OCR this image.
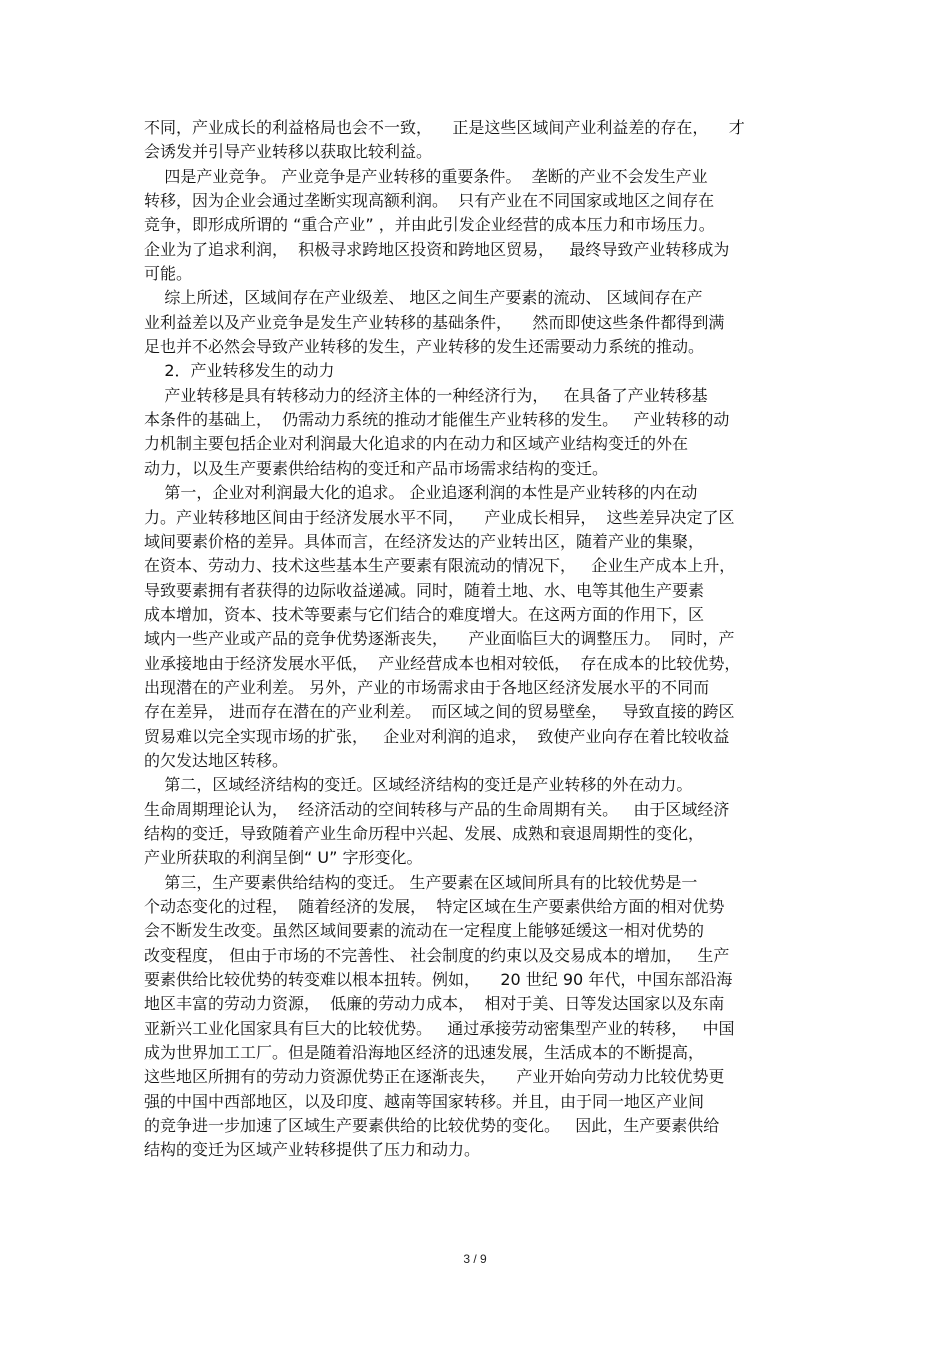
不同，产业成长的利益格局也会不一致，    正是这些区域间产业利益差的存在，    才
会诱发并引导产业转移以获取比较利益。
四是产业竞争。 产业竞争是产业转移的重要条件。  垄断的产业不会发生产业
转移，因为企业会通过垄断实现高额利润。  只有产业在不同国家或地区之间存在
竞争，即形成所谓的 “重合产业” ，并由此引发企业经营的成本压力和市场压力。
企业为了追求利润，  积极寻求跨地区投资和跨地区贸易，   最终导致产业转移成为
可能。
综上所述，区域间存在产业级差、 地区之间生产要素的流动、 区域间存在产
业利益差以及产业竞争是发生产业转移的基础条件，    然而即使这些条件都得到满
足也并不必然会导致产业转移的发生，产业转移的发生还需要动力系统的推动。
2．产业转移发生的动力
产业转移是具有转移动力的经济主体的一种经济行为，   在具备了产业转移基
本条件的基础上，  仍需动力系统的推动才能催生产业转移的发生。   产业转移的动
力机制主要包括企业对利润最大化追求的内在动力和区域产业结构变迁的外在
动力，以及生产要素供给结构的变迁和产品市场需求结构的变迁。
第一，企业对利润最大化的追求。 企业追逐利润的本性是产业转移的内在动
力。产业转移地区间由于经济发展水平不同，    产业成长相异，  这些差异决定了区
域间要素价格的差异。具体而言，在经济发达的产业转出区，随着产业的集聚，
在资本、劳动力、技术这些基本生产要素有限流动的情况下，   企业生产成本上升，
导致要素拥有者获得的边际收益递减。同时，随着土地、水、电等其他生产要素
成本增加，资本、技术等要素与它们结合的难度增大。在这两方面的作用下，区
域内一些产业或产品的竞争优势逐渐丧失，    产业面临巨大的调整压力。  同时，产
业承接地由于经济发展水平低，  产业经营成本也相对较低，  存在成本的比较优势，
出现潜在的产业利差。 另外，产业的市场需求由于各地区经济发展水平的不同而
存在差异， 进而存在潜在的产业利差。  而区域之间的贸易壁垒，   导致直接的跨区
贸易难以完全实现市场的扩张，   企业对利润的追求，  致使产业向存在着比较收益
的欠发达地区转移。
第二，区域经济结构的变迁。区域经济结构的变迁是产业转移的外在动力。
生命周期理论认为，  经济活动的空间转移与产品的生命周期有关。   由于区域经济
结构的变迁，导致随着产业生命历程中兴起、发展、成熟和衰退周期性的变化，
产业所获取的利润呈倒“ U” 字形变化。
第三，生产要素供给结构的变迁。 生产要素在区域间所具有的比较优势是一
个动态变化的过程，  随着经济的发展，  特定区域在生产要素供给方面的相对优势
会不断发生改变。虽然区域间要素的流动在一定程度上能够延缓这一相对优势的
改变程度， 但由于市场的不完善性、 社会制度的约束以及交易成本的增加，   生产
要素供给比较优势的转变难以根本扭转。例如，    20 世纪 90 年代，中国东部沿海
地区丰富的劳动力资源，  低廉的劳动力成本，  相对于美、日等发达国家以及东南
亚新兴工业化国家具有巨大的比较优势。   通过承接劳动密集型产业的转移，   中国
成为世界加工工厂。但是随着沿海地区经济的迅速发展，生活成本的不断提高，
这些地区所拥有的劳动力资源优势正在逐渐丧失，    产业开始向劳动力比较优势更
强的中国中西部地区，以及印度、越南等国家转移。并且，由于同一地区产业间
的竞争进一步加速了区域生产要素供给的比较优势的变化。   因此，生产要素供给
结构的变迁为区域产业转移提供了压力和动力。
3 / 9
